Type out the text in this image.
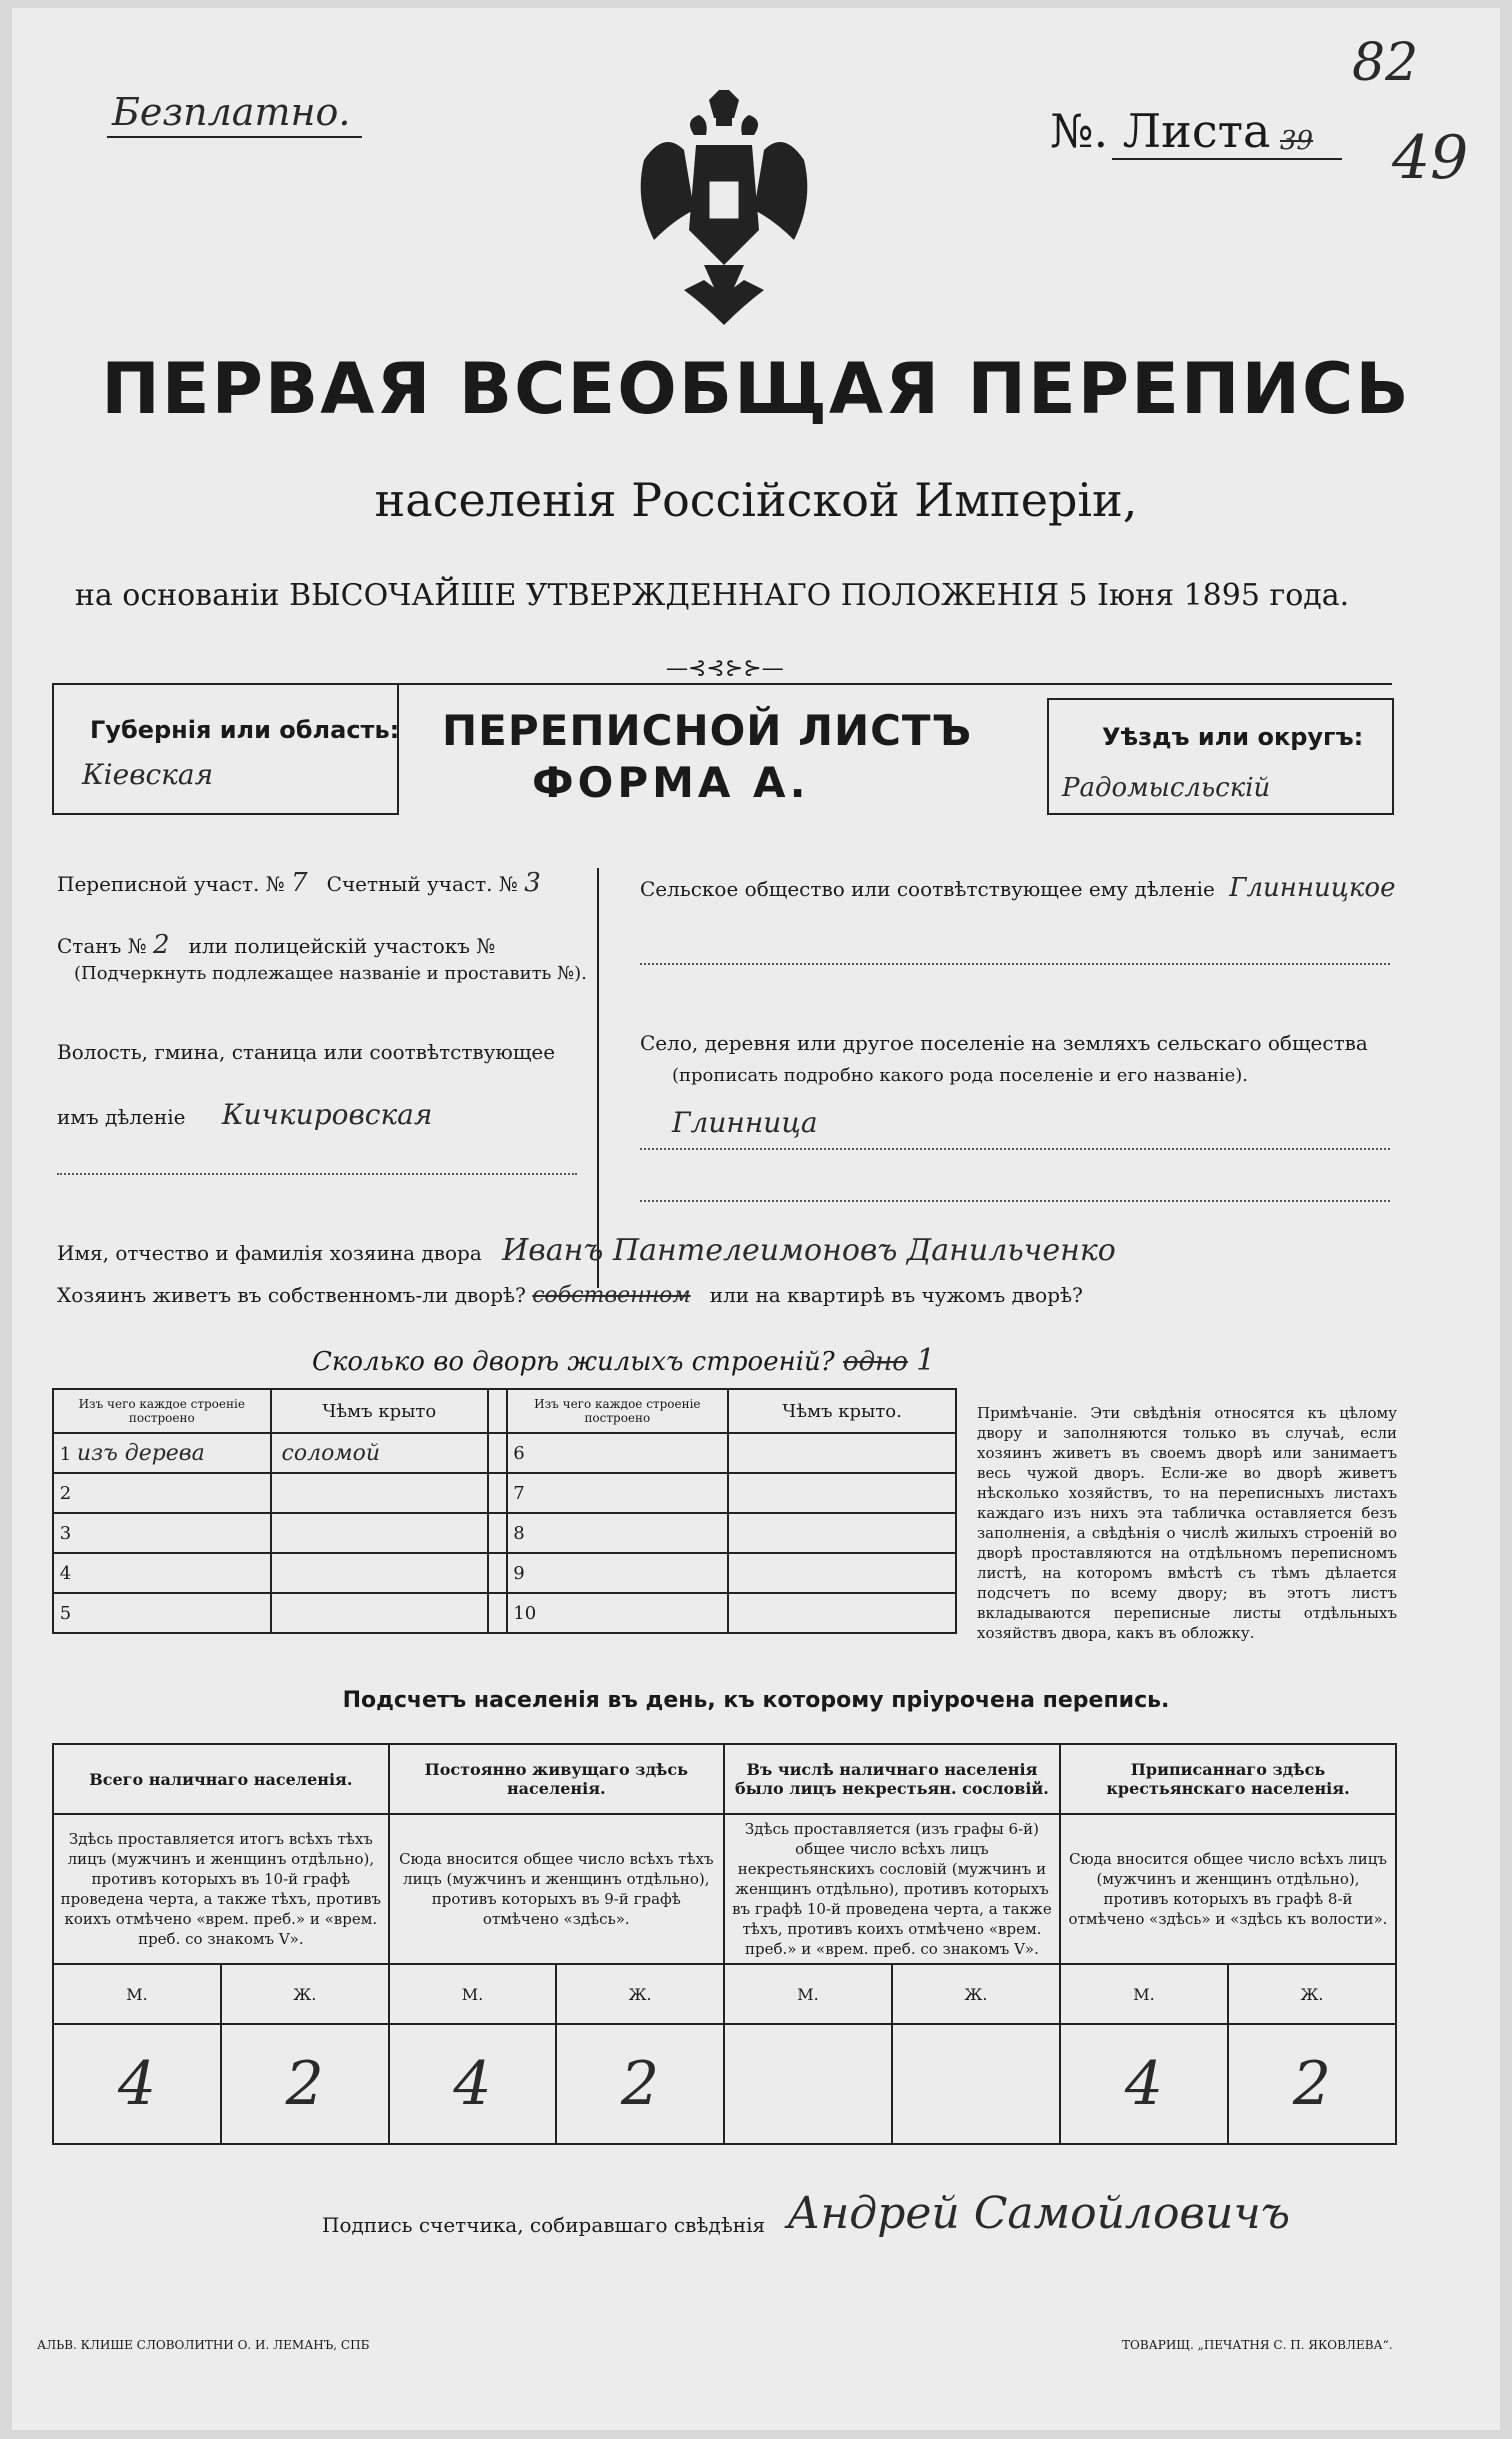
Безплатно.	№. Листа 39
82
49
ПЕРВАЯ ВСЕОБЩАЯ ПЕРЕПИСЬ
населенія Россійской Имперіи,
на основаніи ВЫСОЧАЙШЕ УТВЕРЖДЕННАГО ПОЛОЖЕНІЯ 5 Іюня 1895 года.
—⊰⊰⊱⊱—
Губернія или область:
Кіевская
ПЕРЕПИСНОЙ ЛИСТЪ
ФОРМА А.
Уѣздъ или округъ:
Радомысльскій
Переписной участ. № 7 Счетный участ. № 3
Станъ № 2 или полицейскій участокъ №
(Подчеркнуть подлежащее названіе и проставить №).
Волость, гмина, станица или соотвѣтствующее
имъ дѣленіе Кичкировская
Сельское общество или соотвѣтствующее ему дѣленіе Глинницкое
Село, деревня или другое поселеніе на земляхъ сельскаго общества
(прописать подробно какого рода поселеніе и его названіе).
Глинница
Имя, отчество и фамилія хозяина двора Иванъ Пантелеимоновъ Данильченко
Хозяинъ живетъ въ собственномъ-ли дворѣ? собственном или на квартирѣ въ чужомъ дворѣ?
Сколько во дворѣ жилыхъ строеній? одно 1
Изъ чего каждое строеніе построено	Чѣмъ крыто		Изъ чего каждое строеніе построено	Чѣмъ крыто.
1 изъ дерева	соломой		6	
2			7	
3			8	
4			9	
5			10	
Примѣчаніе. Эти свѣдѣнія относятся къ цѣлому двору и заполняются только въ случаѣ, если хозяинъ живетъ въ своемъ дворѣ или занимаетъ весь чужой дворъ. Если-же во дворѣ живетъ нѣсколько хозяйствъ, то на переписныхъ листахъ каждаго изъ нихъ эта табличка оставляется безъ заполненія, а свѣдѣнія о числѣ жилыхъ строеній во дворѣ проставляются на отдѣльномъ переписномъ листѣ, на которомъ вмѣстѣ съ тѣмъ дѣлается подсчетъ по всему двору; въ этотъ листъ вкладываются переписные листы отдѣльныхъ хозяйствъ двора, какъ въ обложку.
Подсчетъ населенія въ день, къ которому пріурочена перепись.
Всего наличнаго населенія.		Постоянно живущаго здѣсь населенія.		Въ числѣ наличнаго населенія было лицъ некрестьян. сословій.		Приписаннаго здѣсь крестьянскаго населенія.	
Здѣсь проставляется итогъ всѣхъ тѣхъ лицъ (мужчинъ и женщинъ отдѣльно), противъ которыхъ въ 10-й графѣ проведена черта, а также тѣхъ, противъ коихъ отмѣчено «врем. преб.» и «врем. преб. со знакомъ V».		Сюда вносится общее число всѣхъ тѣхъ лицъ (мужчинъ и женщинъ отдѣльно), противъ которыхъ въ 9-й графѣ отмѣчено «здѣсь».		Здѣсь проставляется (изъ графы 6-й) общее число всѣхъ лицъ некрестьянскихъ сословій (мужчинъ и женщинъ отдѣльно), противъ которыхъ въ графѣ 10-й проведена черта, а также тѣхъ, противъ коихъ отмѣчено «врем. преб.» и «врем. преб. со знакомъ V».		Сюда вносится общее число всѣхъ лицъ (мужчинъ и женщинъ отдѣльно), противъ которыхъ въ графѣ 8-й отмѣчено «здѣсь» и «здѣсь къ волости».	
М.	Ж.	М.	Ж.	М.	Ж.	М.	Ж.
4	2	4	2			4	2
Подпись счетчика, собиравшаго свѣдѣнія Андрей Самойловичъ
АЛЬВ. КЛИШЕ СЛОВОЛИТНИ О. И. ЛЕМАНЪ, СПБ	ТОВАРИЩ. „ПЕЧАТНЯ С. П. ЯКОВЛЕВА“.
